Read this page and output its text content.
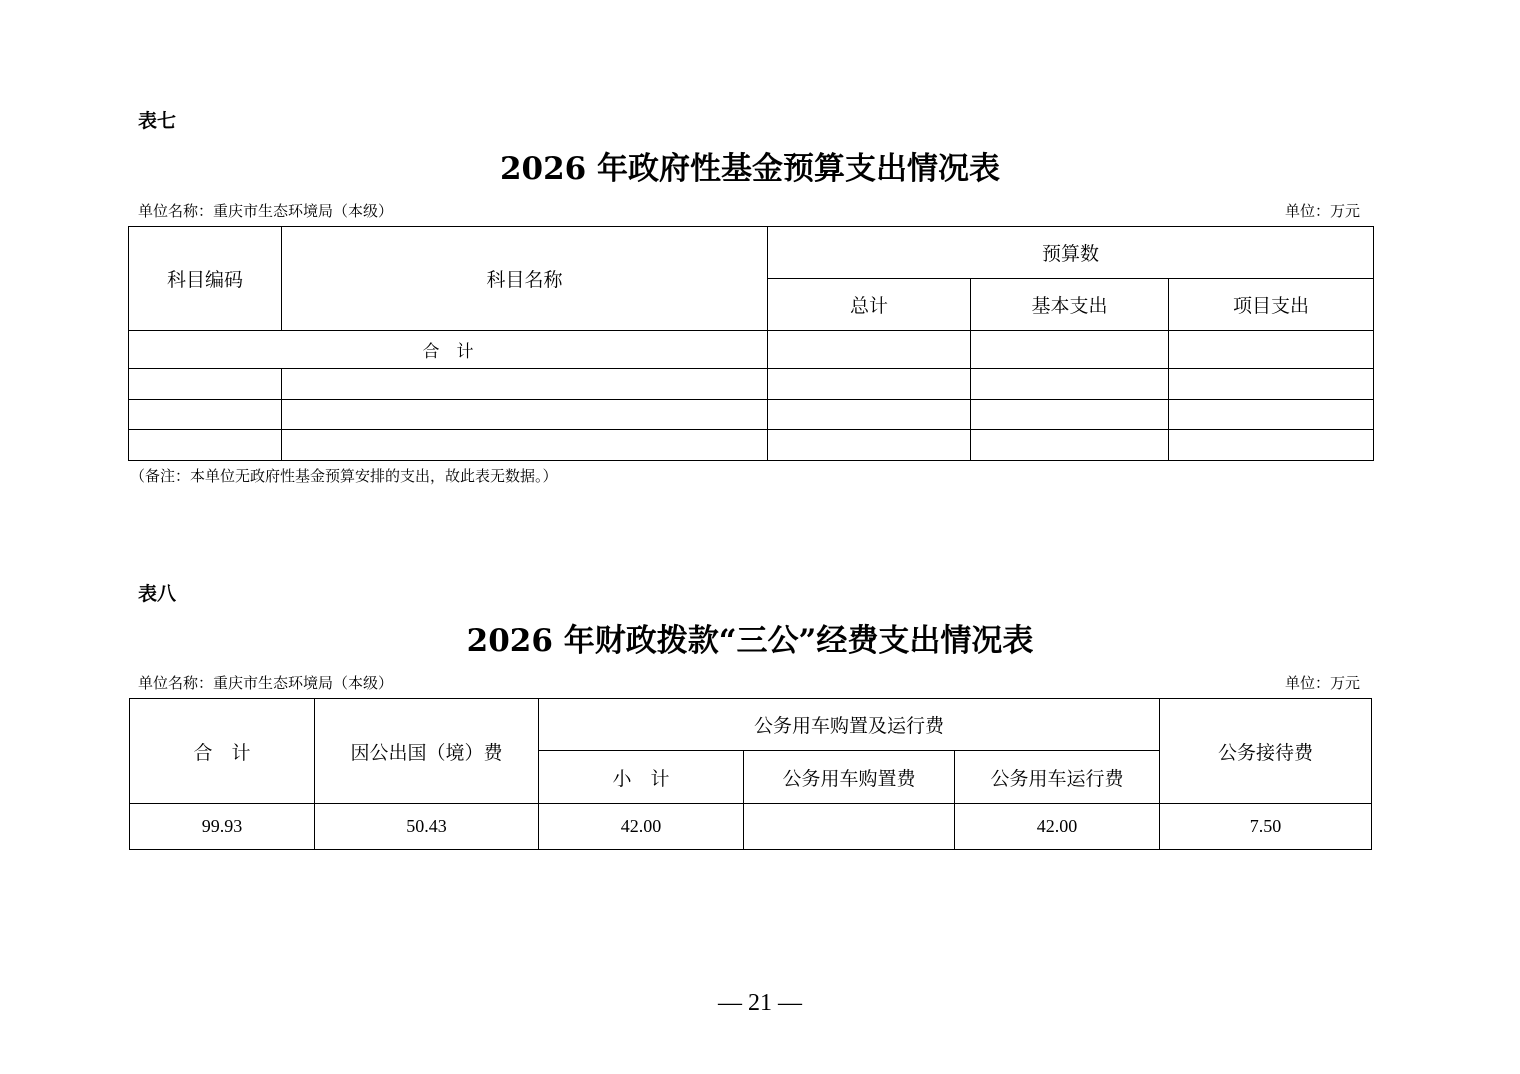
表七
2026 年政府性基金预算支出情况表
单位名称：重庆市生态环境局（本级）	单位：万元
科目编码	科目名称	预算数		
		总计	基本支出	项目支出
合　计				

（备注：本单位无政府性基金预算安排的支出，故此表无数据。）
表八
2026 年财政拨款“三公”经费支出情况表
单位名称：重庆市生态环境局（本级）	单位：万元
合　计	因公出国（境）费	公务用车购置及运行费			公务接待费
		小　计	公务用车购置费	公务用车运行费	
99.93	50.43	42.00		42.00	7.50
— 21 —
